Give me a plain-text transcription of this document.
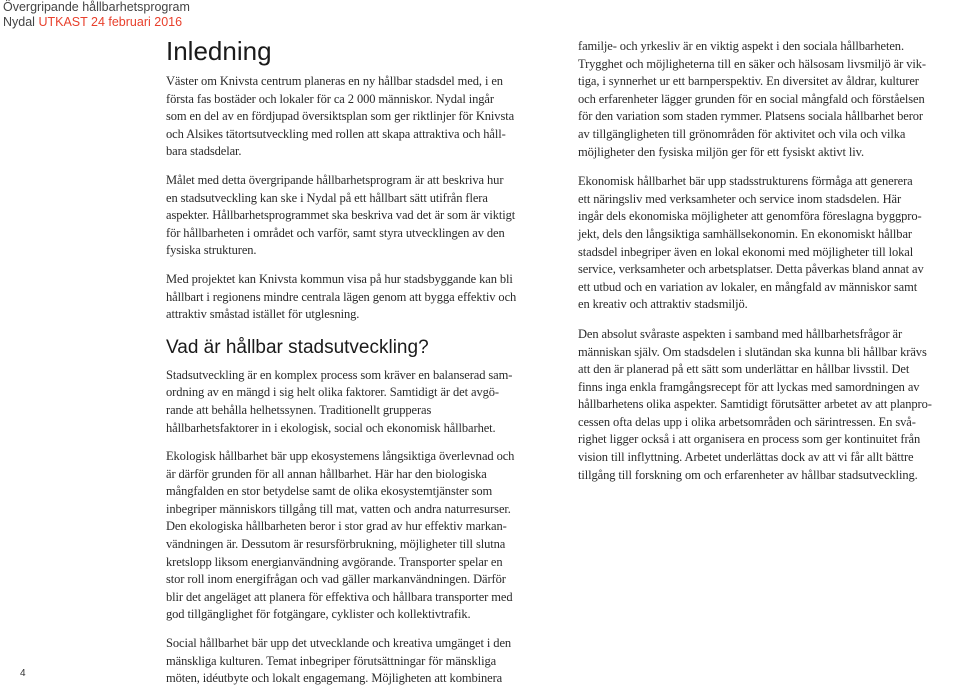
Övergripande hållbarhetsprogram
Nydal UTKAST 24 februari 2016
Inledning

Väster om Knivsta centrum planeras en ny hållbar stadsdel med, i en
första fas bostäder och lokaler för ca 2 000 människor. Nydal ingår
som en del av en fördjupad översiktsplan som ger riktlinjer för Knivsta
och Alsikes tätortsutveckling med rollen att skapa attraktiva och håll-
bara stadsdelar.

Målet med detta övergripande hållbarhetsprogram är att beskriva hur
en stadsutveckling kan ske i Nydal på ett hållbart sätt utifrån flera
aspekter. Hållbarhetsprogrammet ska beskriva vad det är som är viktigt
för hållbarheten i området och varför, samt styra utvecklingen av den
fysiska strukturen.

Med projektet kan Knivsta kommun visa på hur stadsbyggande kan bli
hållbart i regionens mindre centrala lägen genom att bygga effektiv och
attraktiv småstad istället för utglesning.

Vad är hållbar stadsutveckling?

Stadsutveckling är en komplex process som kräver en balanserad sam-
ordning av en mängd i sig helt olika faktorer. Samtidigt är det avgö-
rande att behålla helhetssynen. Traditionellt grupperas
hållbarhetsfaktorer in i ekologisk, social och ekonomisk hållbarhet.

Ekologisk hållbarhet bär upp ekosystemens långsiktiga överlevnad och
är därför grunden för all annan hållbarhet. Här har den biologiska
mångfalden en stor betydelse samt de olika ekosystemtjänster som
inbegriper människors tillgång till mat, vatten och andra naturresurser.
Den ekologiska hållbarheten beror i stor grad av hur effektiv markan-
vändningen är. Dessutom är resursförbrukning, möjligheter till slutna
kretslopp liksom energianvändning avgörande. Transporter spelar en
stor roll inom energifrågan och vad gäller markanvändningen. Därför
blir det angeläget att planera för effektiva och hållbara transporter med
god tillgänglighet för fotgängare, cyklister och kollektivtrafik.

Social hållbarhet bär upp det utvecklande och kreativa umgänget i den
mänskliga kulturen. Temat inbegriper förutsättningar för mänskliga
möten, idéutbyte och lokalt engagemang. Möjligheten att kombinera

familje- och yrkesliv är en viktig aspekt i den sociala hållbarheten.
Trygghet och möjligheterna till en säker och hälsosam livsmiljö är vik-
tiga, i synnerhet ur ett barnperspektiv. En diversitet av åldrar, kulturer
och erfarenheter lägger grunden för en social mångfald och förståelsen
för den variation som staden rymmer. Platsens sociala hållbarhet beror
av tillgängligheten till grönområden för aktivitet och vila och vilka
möjligheter den fysiska miljön ger för ett fysiskt aktivt liv.

Ekonomisk hållbarhet bär upp stadsstrukturens förmåga att generera
ett näringsliv med verksamheter och service inom stadsdelen. Här
ingår dels ekonomiska möjligheter att genomföra föreslagna byggpro-
jekt, dels den långsiktiga samhällsekonomin. En ekonomiskt hållbar
stadsdel inbegriper även en lokal ekonomi med möjligheter till lokal
service, verksamheter och arbetsplatser. Detta påverkas bland annat av
ett utbud och en variation av lokaler, en mångfald av människor samt
en kreativ och attraktiv stadsmiljö.

Den absolut svåraste aspekten i samband med hållbarhetsfrågor är
människan själv. Om stadsdelen i slutändan ska kunna bli hållbar krävs
att den är planerad på ett sätt som underlättar en hållbar livsstil. Det
finns inga enkla framgångsrecept för att lyckas med samordningen av
hållbarhetens olika aspekter. Samtidigt förutsätter arbetet av att planpro-
cessen ofta delas upp i olika arbetsområden och särintressen. En svå-
righet ligger också i att organisera en process som ger kontinuitet från
vision till inflyttning. Arbetet underlättas dock av att vi får allt bättre
tillgång till forskning om och erfarenheter av hållbar stadsutveckling.

4
